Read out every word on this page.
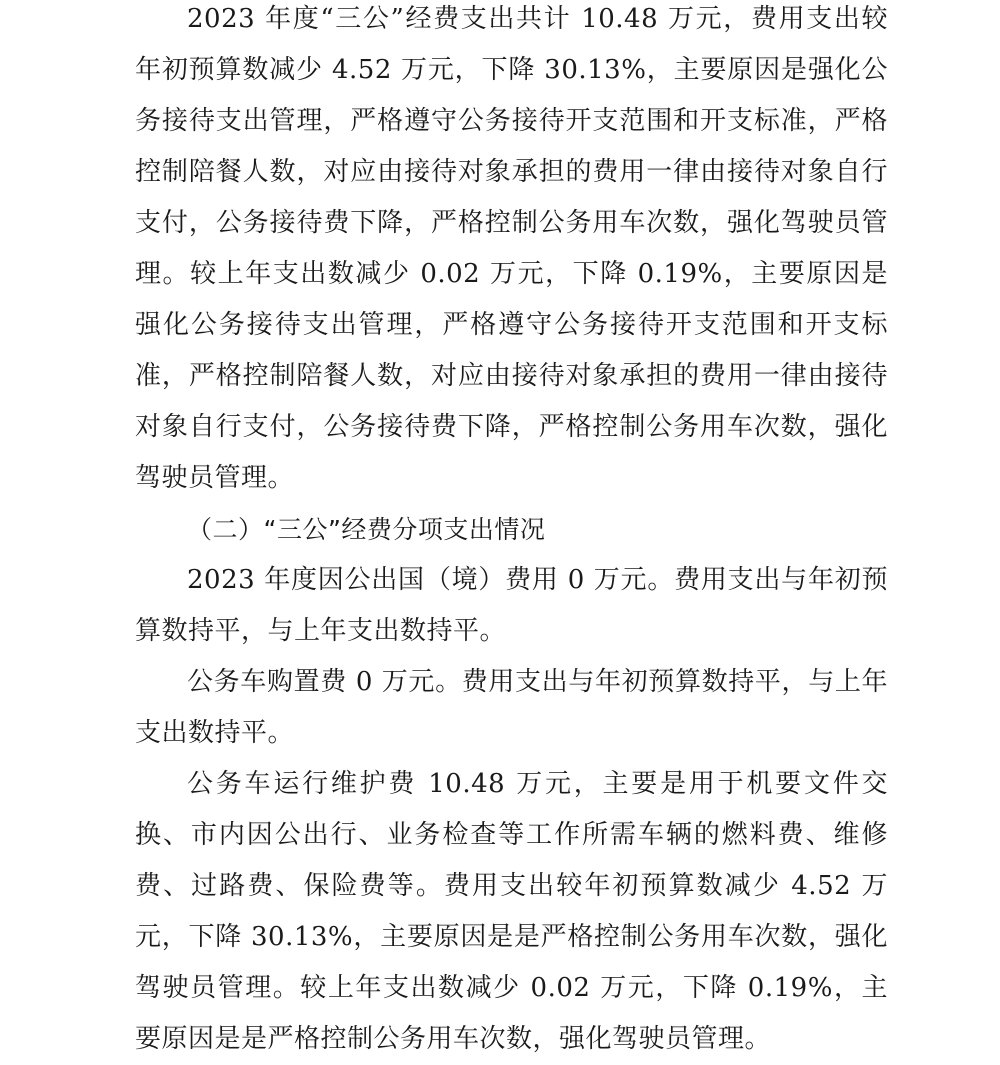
2023 年度“三公”经费支出共计 10.48 万元，费用支出较年初预算数减少 4.52 万元，下降 30.13%，主要原因是强化公务接待支出管理，严格遵守公务接待开支范围和开支标准，严格控制陪餐人数，对应由接待对象承担的费用一律由接待对象自行支付，公务接待费下降，严格控制公务用车次数，强化驾驶员管理。较上年支出数减少 0.02 万元，下降 0.19%，主要原因是强化公务接待支出管理，严格遵守公务接待开支范围和开支标准，严格控制陪餐人数，对应由接待对象承担的费用一律由接待对象自行支付，公务接待费下降，严格控制公务用车次数，强化驾驶员管理。

（二）“三公”经费分项支出情况

2023 年度因公出国（境）费用 0 万元。费用支出与年初预算数持平，与上年支出数持平。

公务车购置费 0 万元。费用支出与年初预算数持平，与上年支出数持平。

公务车运行维护费 10.48 万元，主要是用于机要文件交换、市内因公出行、业务检查等工作所需车辆的燃料费、维修费、过路费、保险费等。费用支出较年初预算数减少 4.52 万元，下降 30.13%，主要原因是是严格控制公务用车次数，强化驾驶员管理。较上年支出数减少 0.02 万元，下降 0.19%，主要原因是是严格控制公务用车次数，强化驾驶员管理。
